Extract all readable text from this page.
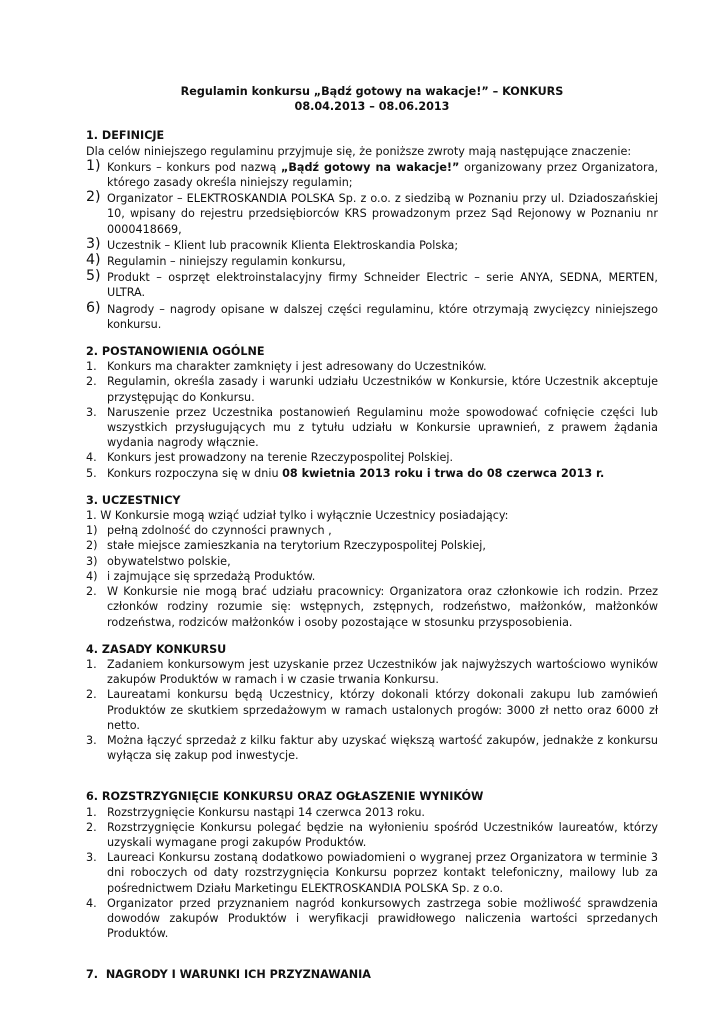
Regulamin konkursu „Bądź gotowy na wakacje!” – KONKURS
08.04.2013 – 08.06.2013
1. DEFINICJE

Dla celów niniejszego regulaminu przyjmuje się, że poniższe zwroty mają następujące znaczenie:

1) Konkurs – konkurs pod nazwą „Bądź gotowy na wakacje!” organizowany przez Organizatora, którego zasady określa niniejszy regulamin;
2) Organizator – ELEKTROSKANDIA POLSKA Sp. z o.o. z siedzibą w Poznaniu przy ul. Dziadoszańskiej 10, wpisany do rejestru przedsiębiorców KRS prowadzonym przez Sąd Rejonowy w Poznaniu nr 0000418669,
3) Uczestnik – Klient lub pracownik Klienta Elektroskandia Polska;
4) Regulamin – niniejszy regulamin konkursu,
5) Produkt – osprzęt elektroinstalacyjny firmy Schneider Electric – serie ANYA, SEDNA, MERTEN, ULTRA.
6) Nagrody – nagrody opisane w dalszej części regulaminu, które otrzymają zwycięzcy niniejszego konkursu.
2. POSTANOWIENIA OGÓLNE
1. Konkurs ma charakter zamknięty i jest adresowany do Uczestników.
2. Regulamin, określa zasady i warunki udziału Uczestników w Konkursie, które Uczestnik akceptuje przystępując do Konkursu.
3. Naruszenie przez Uczestnika postanowień Regulaminu może spowodować cofnięcie części lub wszystkich przysługujących mu z tytułu udziału w Konkursie uprawnień, z prawem żądania wydania nagrody włącznie.
4. Konkurs jest prowadzony na terenie Rzeczypospolitej Polskiej.
5. Konkurs rozpoczyna się w dniu 08 kwietnia 2013 roku i trwa do 08 czerwca 2013 r.
3. UCZESTNICY

1. W Konkursie mogą wziąć udział tylko i wyłącznie Uczestnicy posiadający:

1) pełną zdolność do czynności prawnych ,
2) stałe miejsce zamieszkania na terytorium Rzeczypospolitej Polskiej,
3) obywatelstwo polskie,
4) i zajmujące się sprzedażą Produktów.
2. W Konkursie nie mogą brać udziału pracownicy: Organizatora oraz członkowie ich rodzin. Przez członków rodziny rozumie się: wstępnych, zstępnych, rodzeństwo, małżonków, małżonków rodzeństwa, rodziców małżonków i osoby pozostające w stosunku przysposobienia.
4. ZASADY KONKURSU
1. Zadaniem konkursowym jest uzyskanie przez Uczestników jak najwyższych wartościowo wyników zakupów Produktów w ramach i w czasie trwania Konkursu.
2. Laureatami konkursu będą Uczestnicy, którzy dokonali którzy dokonali zakupu lub zamówień Produktów ze skutkiem sprzedażowym w ramach ustalonych progów: 3000 zł netto oraz 6000 zł netto.
3. Można łączyć sprzedaż z kilku faktur aby uzyskać większą wartość zakupów, jednakże z konkursu wyłącza się zakup pod inwestycje.
6. ROZSTRZYGNIĘCIE KONKURSU ORAZ OGŁASZENIE WYNIKÓW
1. Rozstrzygnięcie Konkursu nastąpi 14 czerwca 2013 roku.
2. Rozstrzygnięcie Konkursu polegać będzie na wyłonieniu spośród Uczestników laureatów, którzy uzyskali wymagane progi zakupów Produktów.
3. Laureaci Konkursu zostaną dodatkowo powiadomieni o wygranej przez Organizatora w terminie 3 dni roboczych od daty rozstrzygnięcia Konkursu poprzez kontakt telefoniczny, mailowy lub za pośrednictwem Działu Marketingu ELEKTROSKANDIA POLSKA Sp. z o.o.
4. Organizator przed przyznaniem nagród konkursowych zastrzega sobie możliwość sprawdzenia dowodów zakupów Produktów i weryfikacji prawidłowego naliczenia wartości sprzedanych Produktów.
7.  NAGRODY I WARUNKI ICH PRZYZNAWANIA
